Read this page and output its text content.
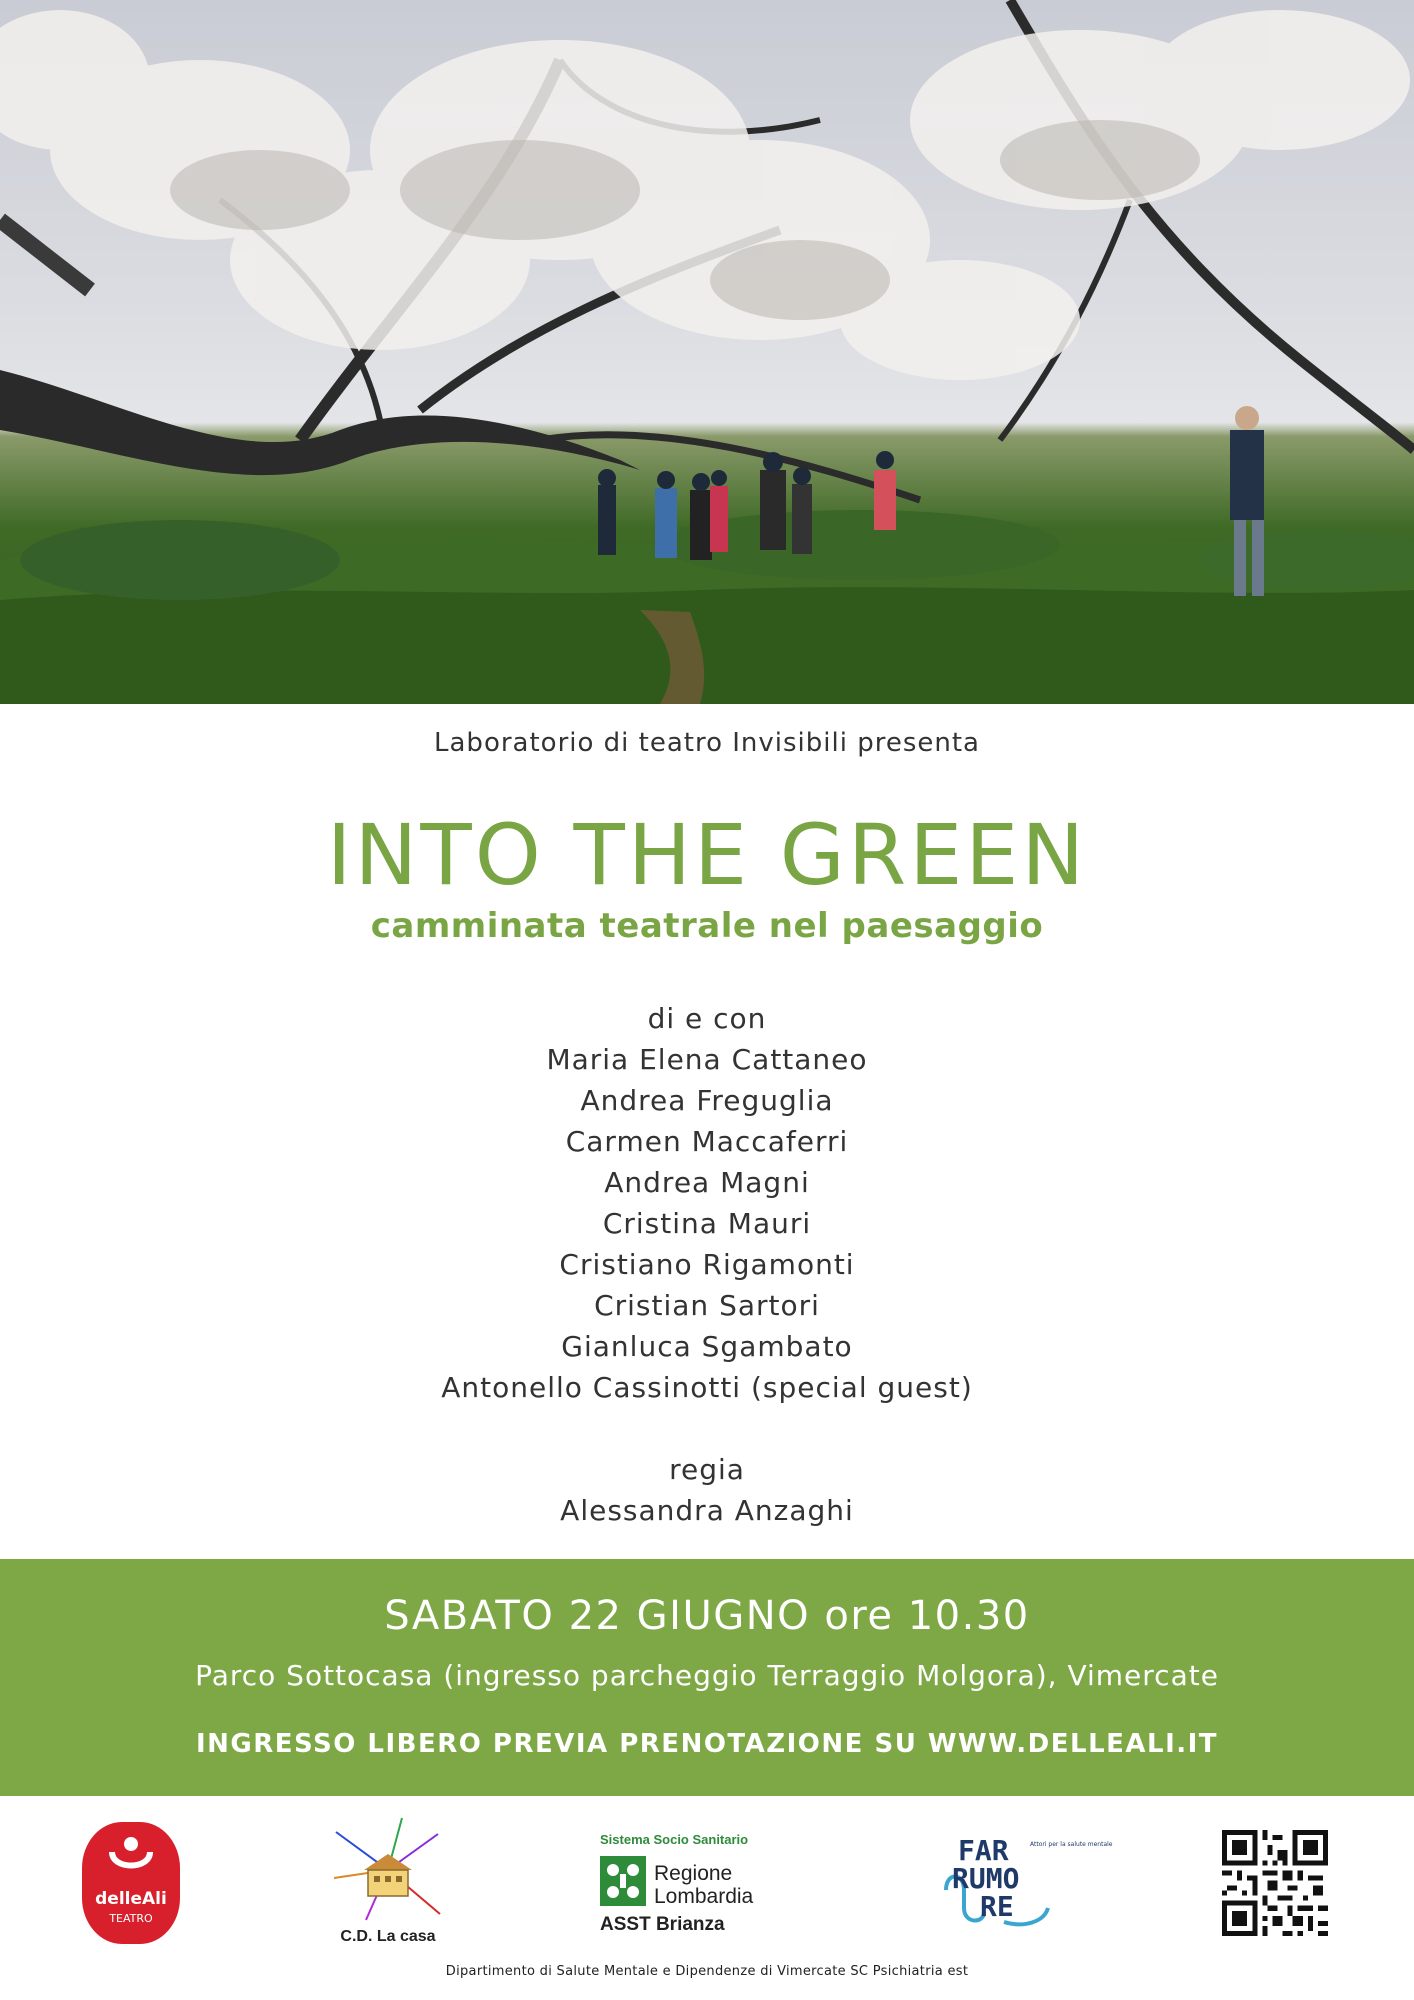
Laboratorio di teatro Invisibili presenta
INTO THE GREEN
camminata teatrale nel paesaggio
di e con
Maria Elena Cattaneo
Andrea Freguglia
Carmen Maccaferri
Andrea Magni
Cristina Mauri
Cristiano Rigamonti
Cristian Sartori
Gianluca Sgambato
Antonello Cassinotti (special guest)
regia
Alessandra Anzaghi
SABATO 22 GIUGNO ore 10.30
Parco Sottocasa (ingresso parcheggio Terraggio Molgora), Vimercate
INGRESSO LIBERO PREVIA PRENOTAZIONE SU WWW.DELLEALI.IT
delleAli
TEATRO
C.D. La casa
Sistema Socio Sanitario
Regione
Lombardia
ASST Brianza
FAR
RUMO
RE
Attori per la salute mentale
Dipartimento di Salute Mentale e Dipendenze di Vimercate SC Psichiatria est
